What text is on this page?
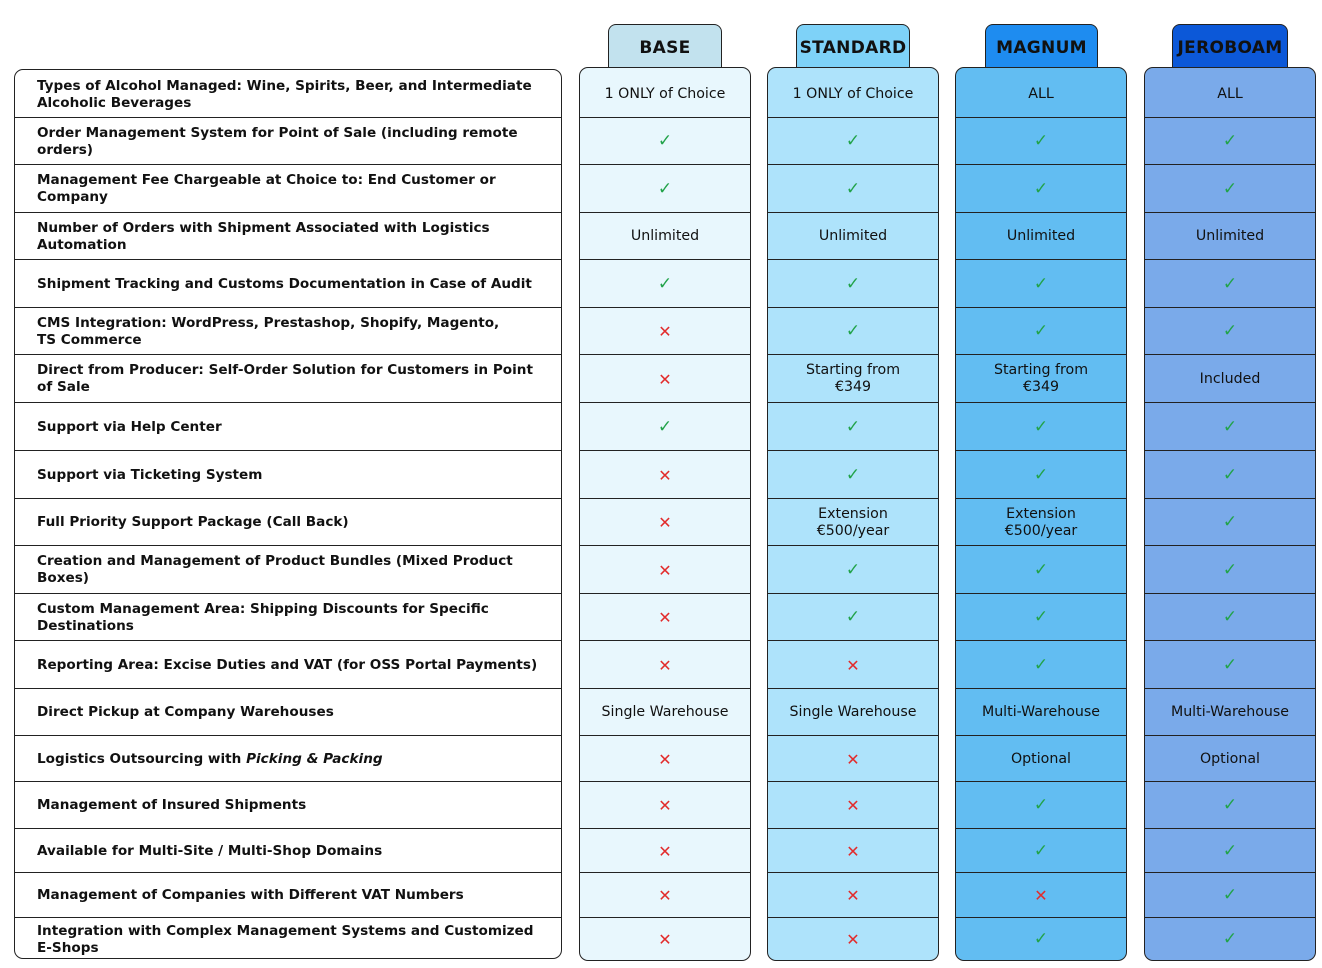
Types of Alcohol Managed: Wine, Spirits, Beer, and Intermediate Alcoholic Beverages
Order Management System for Point of Sale (including remote orders)
Management Fee Chargeable at Choice to: End Customer or Company
Number of Orders with Shipment Associated with Logistics Automation
Shipment Tracking and Customs Documentation in Case of Audit
CMS Integration: WordPress, Prestashop, Shopify, Magento,
TS Commerce
Direct from Producer: Self-Order Solution for Customers in Point of Sale
Support via Help Center
Support via Ticketing System
Full Priority Support Package (Call Back)
Creation and Management of Product Bundles (Mixed Product Boxes)
Custom Management Area: Shipping Discounts for Specific Destinations
Reporting Area: Excise Duties and VAT (for OSS Portal Payments)
Direct Pickup at Company Warehouses
Logistics Outsourcing with Picking & Packing
Management of Insured Shipments
Available for Multi-Site / Multi-Shop Domains
Management of Companies with Different VAT Numbers
Integration with Complex Management Systems and Customized E-Shops
BASE
1 ONLY of Choice
✓
✓
Unlimited
✓
✕
✕
✓
✕
✕
✕
✕
✕
Single Warehouse
✕
✕
✕
✕
✕
STANDARD
1 ONLY of Choice
✓
✓
Unlimited
✓
✓
Starting from
€349
✓
✓
Extension
€500/year
✓
✓
✕
Single Warehouse
✕
✕
✕
✕
✕
MAGNUM
ALL
✓
✓
Unlimited
✓
✓
Starting from
€349
✓
✓
Extension
€500/year
✓
✓
✓
Multi-Warehouse
Optional
✓
✓
✕
✓
JEROBOAM
ALL
✓
✓
Unlimited
✓
✓
Included
✓
✓
✓
✓
✓
✓
Multi-Warehouse
Optional
✓
✓
✓
✓
